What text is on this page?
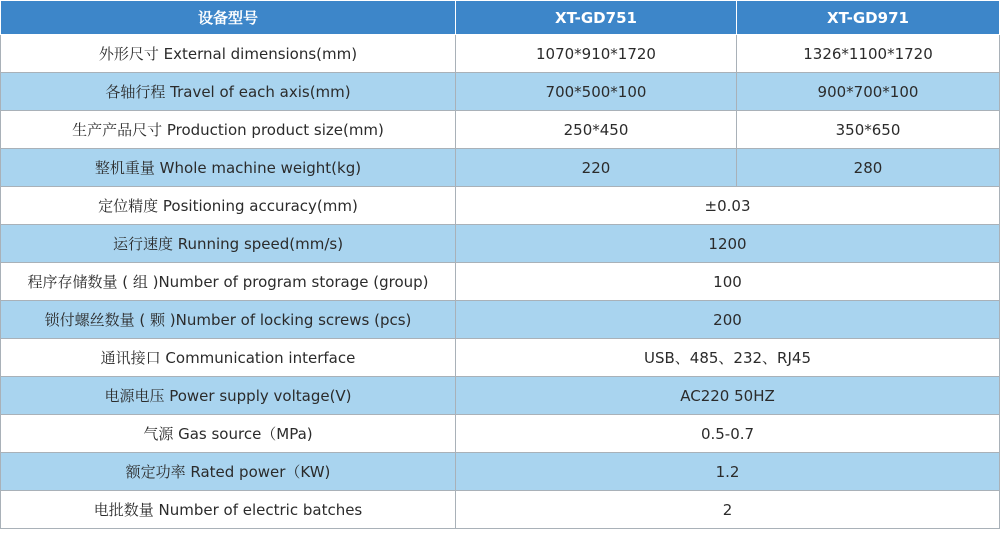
设备型号	XT-GD751	XT-GD971
外形尺寸 External dimensions(mm)	1070*910*1720	1326*1100*1720
各轴行程 Travel of each axis(mm)	700*500*100	900*700*100
生产产品尺寸 Production product size(mm)	250*450	350*650
整机重量 Whole machine weight(kg)	220	280
定位精度 Positioning accuracy(mm)	±0.03	
运行速度 Running speed(mm/s)	1200	
程序存储数量 ( 组 )Number of program storage (group)	100	
锁付螺丝数量 ( 颗 )Number of locking screws (pcs)	200	
通讯接口 Communication interface	USB、485、232、RJ45	
电源电压 Power supply voltage(V)	AC220 50HZ	
气源 Gas source（MPa)	0.5-0.7	
额定功率 Rated power（KW)	1.2	
电批数量 Number of electric batches	2	
